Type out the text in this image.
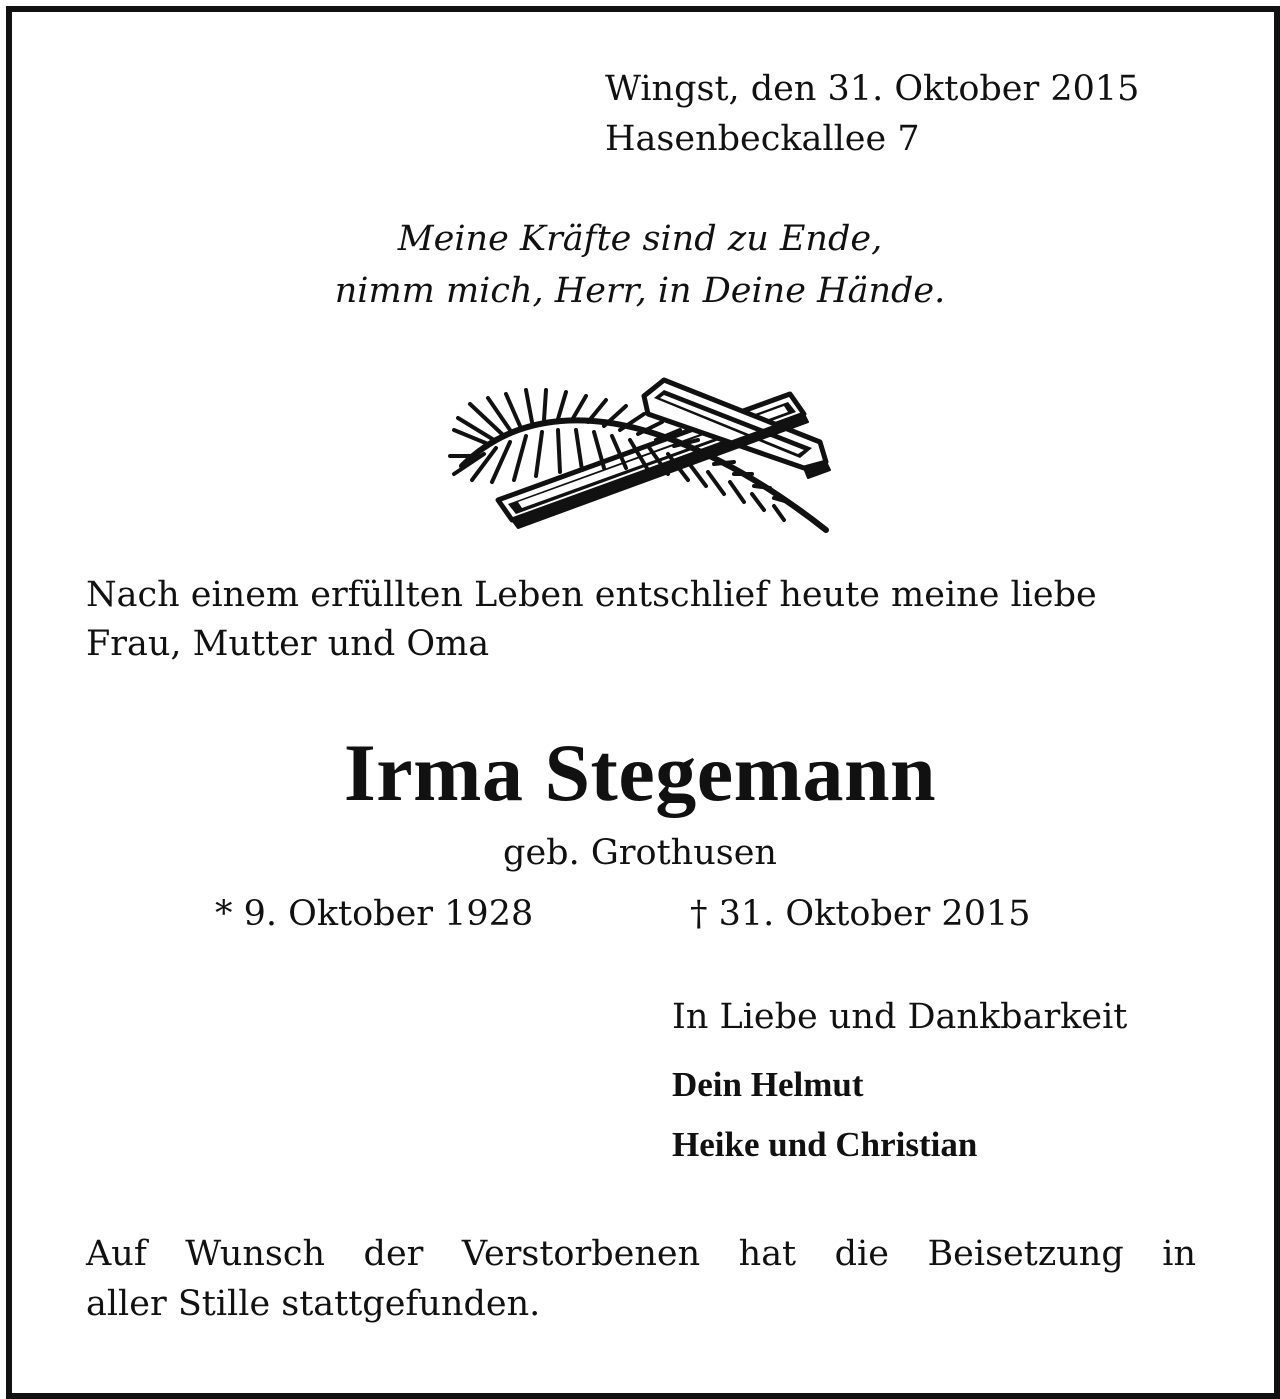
Wingst, den 31. Oktober 2015

Hasenbeckallee 7

Meine Kräfte sind zu Ende,

nimm mich, Herr, in Deine Hände.

Nach einem erfüllten Leben entschlief heute meine liebe

Frau, Mutter und Oma

Irma Stegemann

geb. Grothusen

* 9. Oktober 1928	† 31. Oktober 2015

In Liebe und Dankbarkeit

Dein Helmut

Heike und Christian

Auf Wunsch der Verstorbenen hat die Beisetzung in

aller Stille stattgefunden.
